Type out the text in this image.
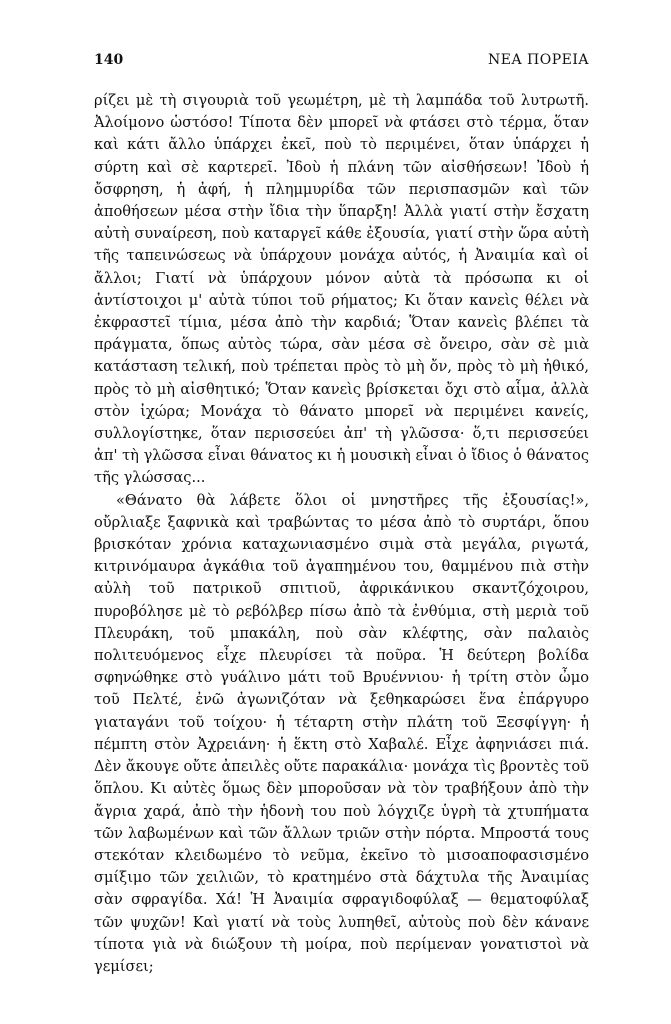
140	ΝΕΑ ΠΟΡΕΙΑ

ρίζει μὲ τὴ σιγουριὰ τοῦ γεωμέτρη, μὲ τὴ λαμπάδα τοῦ λυτρωτῆ. Ἀλοίμονο ὡστόσο! Τίποτα δὲν μπορεῖ νὰ φτάσει στὸ τέρμα, ὅταν καὶ κάτι ἄλλο ὑπάρχει ἐκεῖ, ποὺ τὸ περιμένει, ὅταν ὑπάρχει ἡ σύρτη καὶ σὲ καρτερεῖ. Ἰδοὺ ἡ πλάνη τῶν αἰσθήσεων! Ἰδοὺ ἡ ὄσφρηση, ἡ ἀφή, ἡ πλημμυρίδα τῶν περισπασμῶν καὶ τῶν ἀποθήσεων μέσα στὴν ἴδια τὴν ὕπαρξη! Ἀλλὰ γιατί στὴν ἔσχατη αὐτὴ συναίρεση, ποὺ καταργεῖ κάθε ἐξουσία, γιατί στὴν ὥρα αὐτὴ τῆς ταπεινώσεως νὰ ὑπάρχουν μονάχα αὐτός, ἡ Ἀναιμία καὶ οἱ ἄλλοι; Γιατί νὰ ὑπάρχουν μόνον αὐτὰ τὰ πρόσωπα κι οἱ ἀντίστοιχοι μ' αὐτὰ τύποι τοῦ ρήματος; Κι ὅταν κανεὶς θέλει νὰ ἐκφραστεῖ τίμια, μέσα ἀπὸ τὴν καρδιά; Ὅταν κανεὶς βλέπει τὰ πράγματα, ὅπως αὐτὸς τώρα, σὰν μέσα σὲ ὄνειρο, σὰν σὲ μιὰ κατάσταση τελική, ποὺ τρέπεται πρὸς τὸ μὴ ὄν, πρὸς τὸ μὴ ἠθικό, πρὸς τὸ μὴ αἰσθητικό; Ὅταν κανεὶς βρίσκεται ὄχι στὸ αἷμα, ἀλλὰ στὸν ἰχώρα; Μονάχα τὸ θάνατο μπορεῖ νὰ περιμένει κανείς, συλλογίστηκε, ὅταν περισσεύει ἀπ' τὴ γλῶσσα· ὅ,τι περισσεύει ἀπ' τὴ γλῶσσα εἶναι θάνατος κι ἡ μουσικὴ εἶναι ὁ ἴδιος ὁ θάνατος τῆς γλώσσας...

«Θάνατο θὰ λάβετε ὅλοι οἱ μνηστῆρες τῆς ἐξουσίας!», οὔρλιαξε ξαφνικὰ καὶ τραβώντας το μέσα ἀπὸ τὸ συρτάρι, ὅπου βρισκόταν χρόνια καταχωνιασμένο σιμὰ στὰ μεγάλα, ριγωτά, κιτρινόμαυρα ἀγκάθια τοῦ ἀγαπημένου του, θαμμένου πιὰ στὴν αὐλὴ τοῦ πατρικοῦ σπιτιοῦ, ἀφρικάνικου σκαντζόχοιρου, πυροβόλησε μὲ τὸ ρεβόλβερ πίσω ἀπὸ τὰ ἐνθύμια, στὴ μεριὰ τοῦ Πλευράκη, τοῦ μπακάλη, ποὺ σὰν κλέφτης, σὰν παλαιὸς πολιτευόμενος εἶχε πλευρίσει τὰ ποῦρα. Ἡ δεύτερη βολίδα σφηνώθηκε στὸ γυάλινο μάτι τοῦ Βρυέννιου· ἡ τρίτη στὸν ὦμο τοῦ Πελτέ, ἐνῶ ἀγωνιζόταν νὰ ξεθηκαρώσει ἕνα ἐπάργυρο γιαταγάνι τοῦ τοίχου· ἡ τέταρτη στὴν πλάτη τοῦ Ξεσφίγγη· ἡ πέμπτη στὸν Ἀχρειάνη· ἡ ἕκτη στὸ Χαβαλέ. Εἶχε ἀφηνιάσει πιά. Δὲν ἄκουγε οὔτε ἀπειλὲς οὔτε παρακάλια· μονάχα τὶς βροντὲς τοῦ ὅπλου. Κι αὐτὲς ὅμως δὲν μποροῦσαν νὰ τὸν τραβήξουν ἀπὸ τὴν ἄγρια χαρά, ἀπὸ τὴν ἡδονὴ του ποὺ λόγχιζε ὑγρὴ τὰ χτυπήματα τῶν λαβωμένων καὶ τῶν ἄλλων τριῶν στὴν πόρτα. Μπροστά τους στεκόταν κλειδωμένο τὸ νεῦμα, ἐκεῖνο τὸ μισοαποφασισμένο σμίξιμο τῶν χειλιῶν, τὸ κρατημένο στὰ δάχτυλα τῆς Ἀναιμίας σὰν σφραγίδα. Χά! Ἡ Ἀναιμία σφραγιδοφύλαξ — θεματοφύλαξ τῶν ψυχῶν! Καὶ γιατί νὰ τοὺς λυπηθεῖ, αὐτοὺς ποὺ δὲν κάνανε τίποτα γιὰ νὰ διώξουν τὴ μοίρα, ποὺ περίμεναν γονατιστοὶ νὰ γεμίσει;
